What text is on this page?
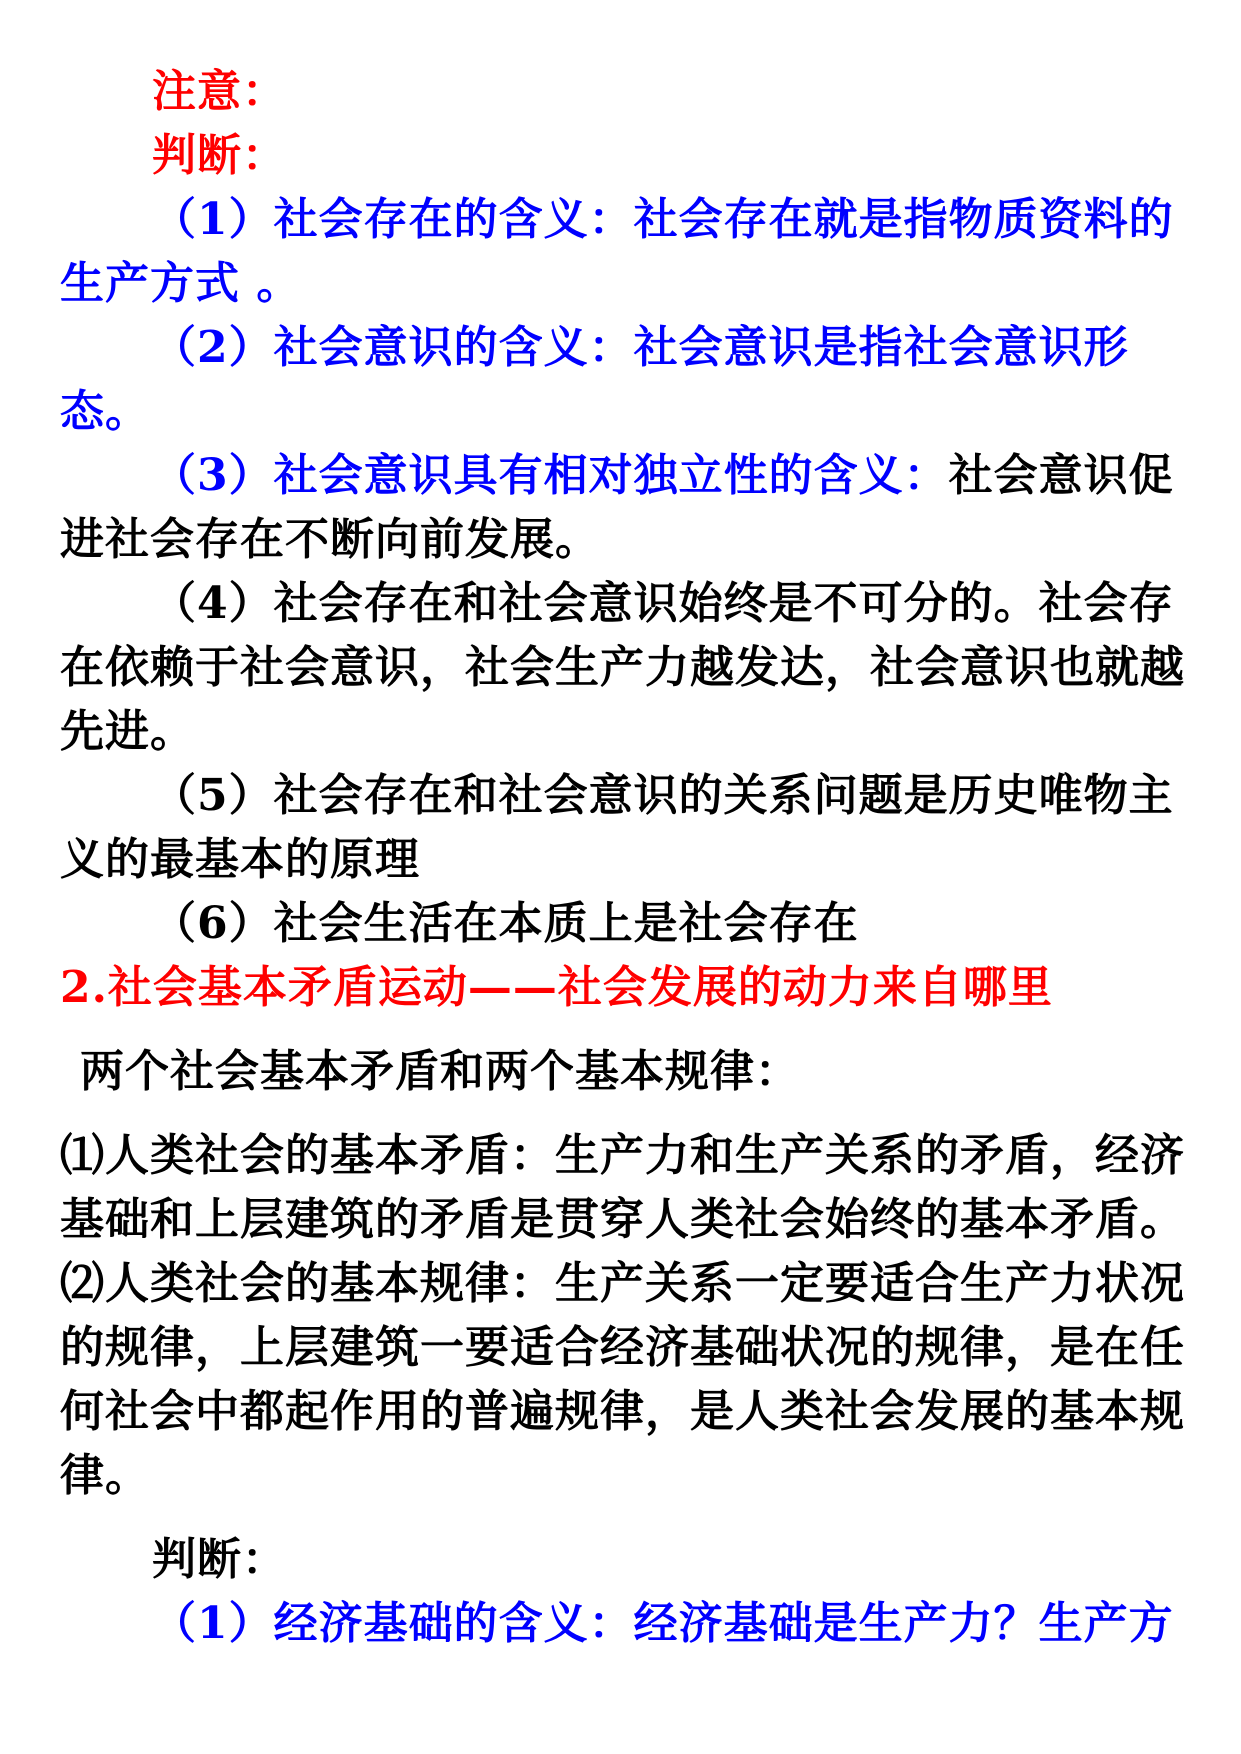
注意：

判断：

（1）社会存在的含义：社会存在就是指物质资料的生产方式 。

（2）社会意识的含义：社会意识是指社会意识形态。

（3）社会意识具有相对独立性的含义：社会意识促进社会存在不断向前发展。

（4）社会存在和社会意识始终是不可分的。社会存在依赖于社会意识，社会生产力越发达，社会意识也就越先进。

（5）社会存在和社会意识的关系问题是历史唯物主义的最基本的原理

（6）社会生活在本质上是社会存在

2.社会基本矛盾运动——社会发展的动力来自哪里

两个社会基本矛盾和两个基本规律：

⑴人类社会的基本矛盾：生产力和生产关系的矛盾，经济基础和上层建筑的矛盾是贯穿人类社会始终的基本矛盾。

⑵人类社会的基本规律：生产关系一定要适合生产力状况的规律，上层建筑一要适合经济基础状况的规律，是在任何社会中都起作用的普遍规律，是人类社会发展的基本规律。

判断：

（1）经济基础的含义：经济基础是生产力？生产方
